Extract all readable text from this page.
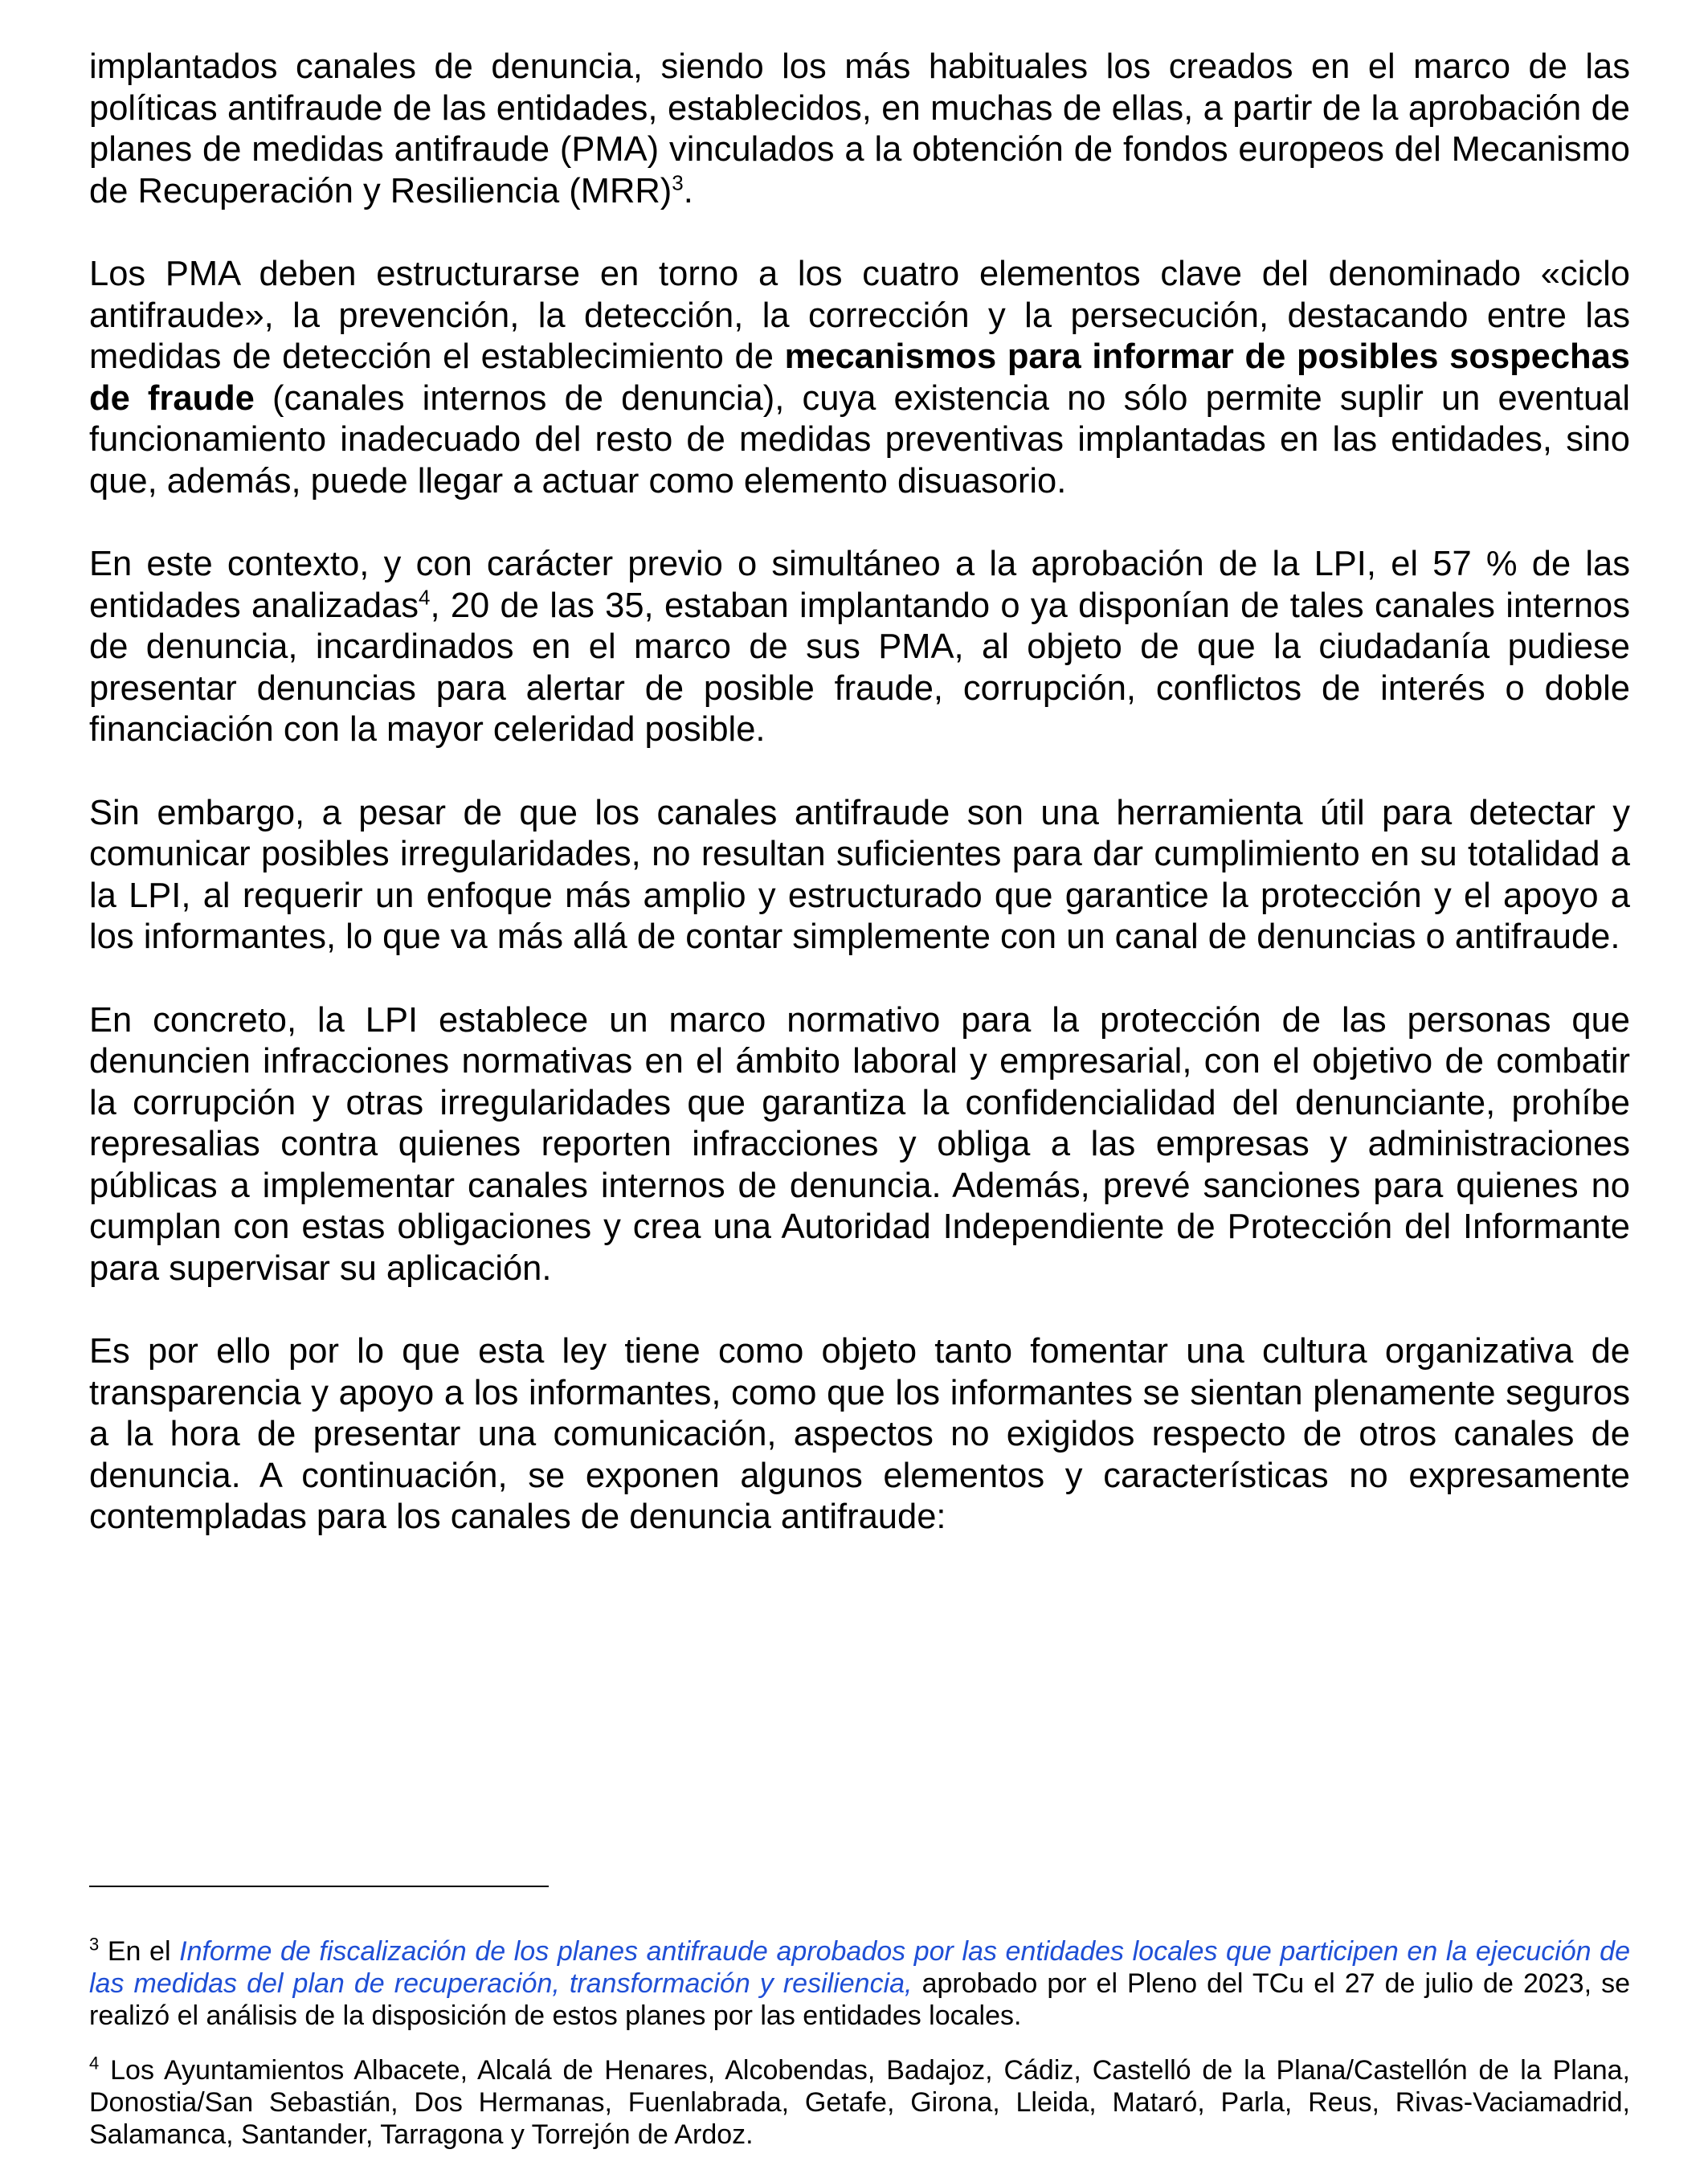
implantados canales de denuncia, siendo los más habituales los creados en el marco de las políticas antifraude de las entidades, establecidos, en muchas de ellas, a partir de la aprobación de planes de medidas antifraude (PMA) vinculados a la obtención de fondos europeos del Mecanismo de Recuperación y Resiliencia (MRR)$^3$.

Los PMA deben estructurarse en torno a los cuatro elementos clave del denominado «ciclo antifraude», la prevención, la detección, la corrección y la persecución, destacando entre las medidas de detección el establecimiento de mecanismos para informar de posibles sospechas de fraude (canales internos de denuncia), cuya existencia no sólo permite suplir un eventual funcionamiento inadecuado del resto de medidas preventivas implantadas en las entidades, sino que, además, puede llegar a actuar como elemento disuasorio.

En este contexto, y con carácter previo o simultáneo a la aprobación de la LPI, el 57 % de las entidades analizadas$^4$, 20 de las 35, estaban implantando o ya disponían de tales canales internos de denuncia, incardinados en el marco de sus PMA, al objeto de que la ciudadanía pudiese presentar denuncias para alertar de posible fraude, corrupción, conflictos de interés o doble financiación con la mayor celeridad posible.

Sin embargo, a pesar de que los canales antifraude son una herramienta útil para detectar y comunicar posibles irregularidades, no resultan suficientes para dar cumplimiento en su totalidad a la LPI, al requerir un enfoque más amplio y estructurado que garantice la protección y el apoyo a los informantes, lo que va más allá de contar simplemente con un canal de denuncias o antifraude.

En concreto, la LPI establece un marco normativo para la protección de las personas que denuncien infracciones normativas en el ámbito laboral y empresarial, con el objetivo de combatir la corrupción y otras irregularidades que garantiza la confidencialidad del denunciante, prohíbe represalias contra quienes reporten infracciones y obliga a las empresas y administraciones públicas a implementar canales internos de denuncia. Además, prevé sanciones para quienes no cumplan con estas obligaciones y crea una Autoridad Independiente de Protección del Informante para supervisar su aplicación.

Es por ello por lo que esta ley tiene como objeto tanto fomentar una cultura organizativa de transparencia y apoyo a los informantes, como que los informantes se sientan plenamente seguros a la hora de presentar una comunicación, aspectos no exigidos respecto de otros canales de denuncia. A continuación, se exponen algunos elementos y características no expresamente contempladas para los canales de denuncia antifraude:

$^3$ En el Informe de fiscalización de los planes antifraude aprobados por las entidades locales que participen en la ejecución de las medidas del plan de recuperación, transformación y resiliencia, aprobado por el Pleno del TCu el 27 de julio de 2023, se realizó el análisis de la disposición de estos planes por las entidades locales.

$^4$ Los Ayuntamientos Albacete, Alcalá de Henares, Alcobendas, Badajoz, Cádiz, Castelló de la Plana/Castellón de la Plana, Donostia/San Sebastián, Dos Hermanas, Fuenlabrada, Getafe, Girona, Lleida, Mataró, Parla, Reus, Rivas-Vaciamadrid, Salamanca, Santander, Tarragona y Torrejón de Ardoz.
